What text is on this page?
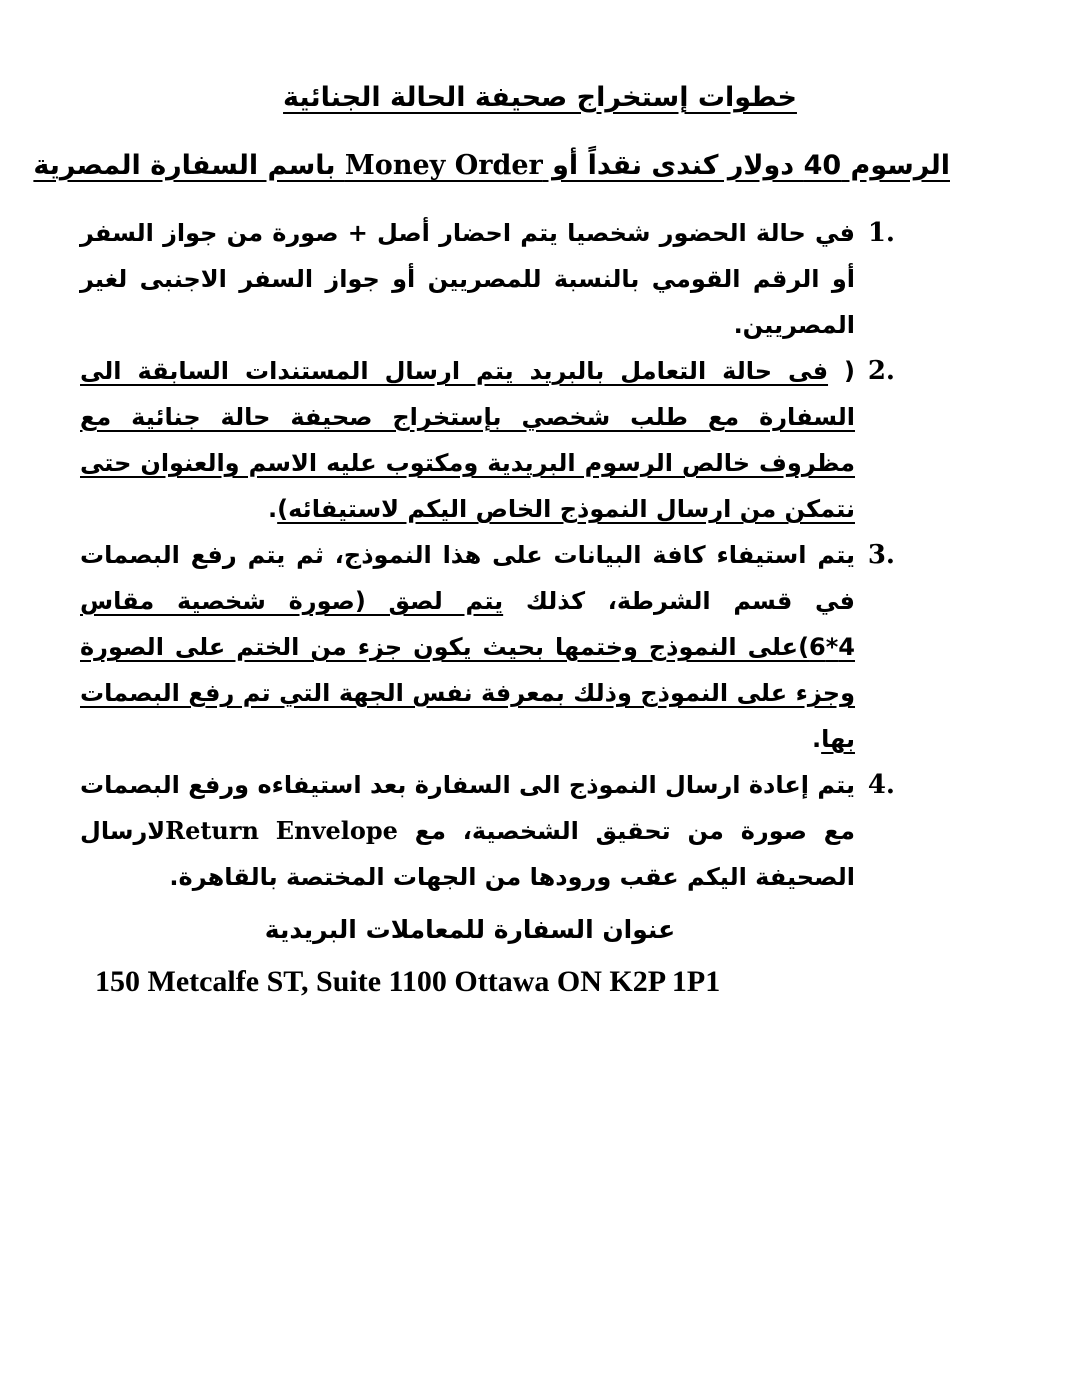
خطوات إستخراج صحيفة الحالة الجنائية
الرسوم 40 دولار كندى نقداً أو Money Order باسم السفارة المصرية
1.
في حالة الحضور شخصيا يتم احضار أصل + صورة من جواز السفر أو الرقم القومي بالنسبة للمصريين أو جواز السفر الاجنبى لغير المصريين.
2.
( فى حالة التعامل بالبريد يتم ارسال المستندات السابقة الى السفارة مع طلب شخصي بإستخراج صحيفة حالة جنائية مع مظروف خالص الرسوم البريدية ومكتوب عليه الاسم والعنوان حتى نتمكن من ارسال النموذج الخاص اليكم لاستيفائه).
3.
يتم استيفاء كافة البيانات على هذا النموذج، ثم يتم رفع البصمات في قسم الشرطة، كذلك يتم لصق (صورة شخصية مقاس 4*6)على النموذج وختمها بحيث يكون جزء من الختم على الصورة وجزء على النموذج وذلك بمعرفة نفس الجهة التي تم رفع البصمات بها.
4.
يتم إعادة ارسال النموذج الى السفارة بعد استيفاءه ورفع البصمات مع صورة من تحقيق الشخصية، مع Return Envelopeلارسال الصحيفة اليكم عقب ورودها من الجهات المختصة بالقاهرة.
عنوان السفارة للمعاملات البريدية
150 Metcalfe ST, Suite 1100 Ottawa ON K2P 1P1
